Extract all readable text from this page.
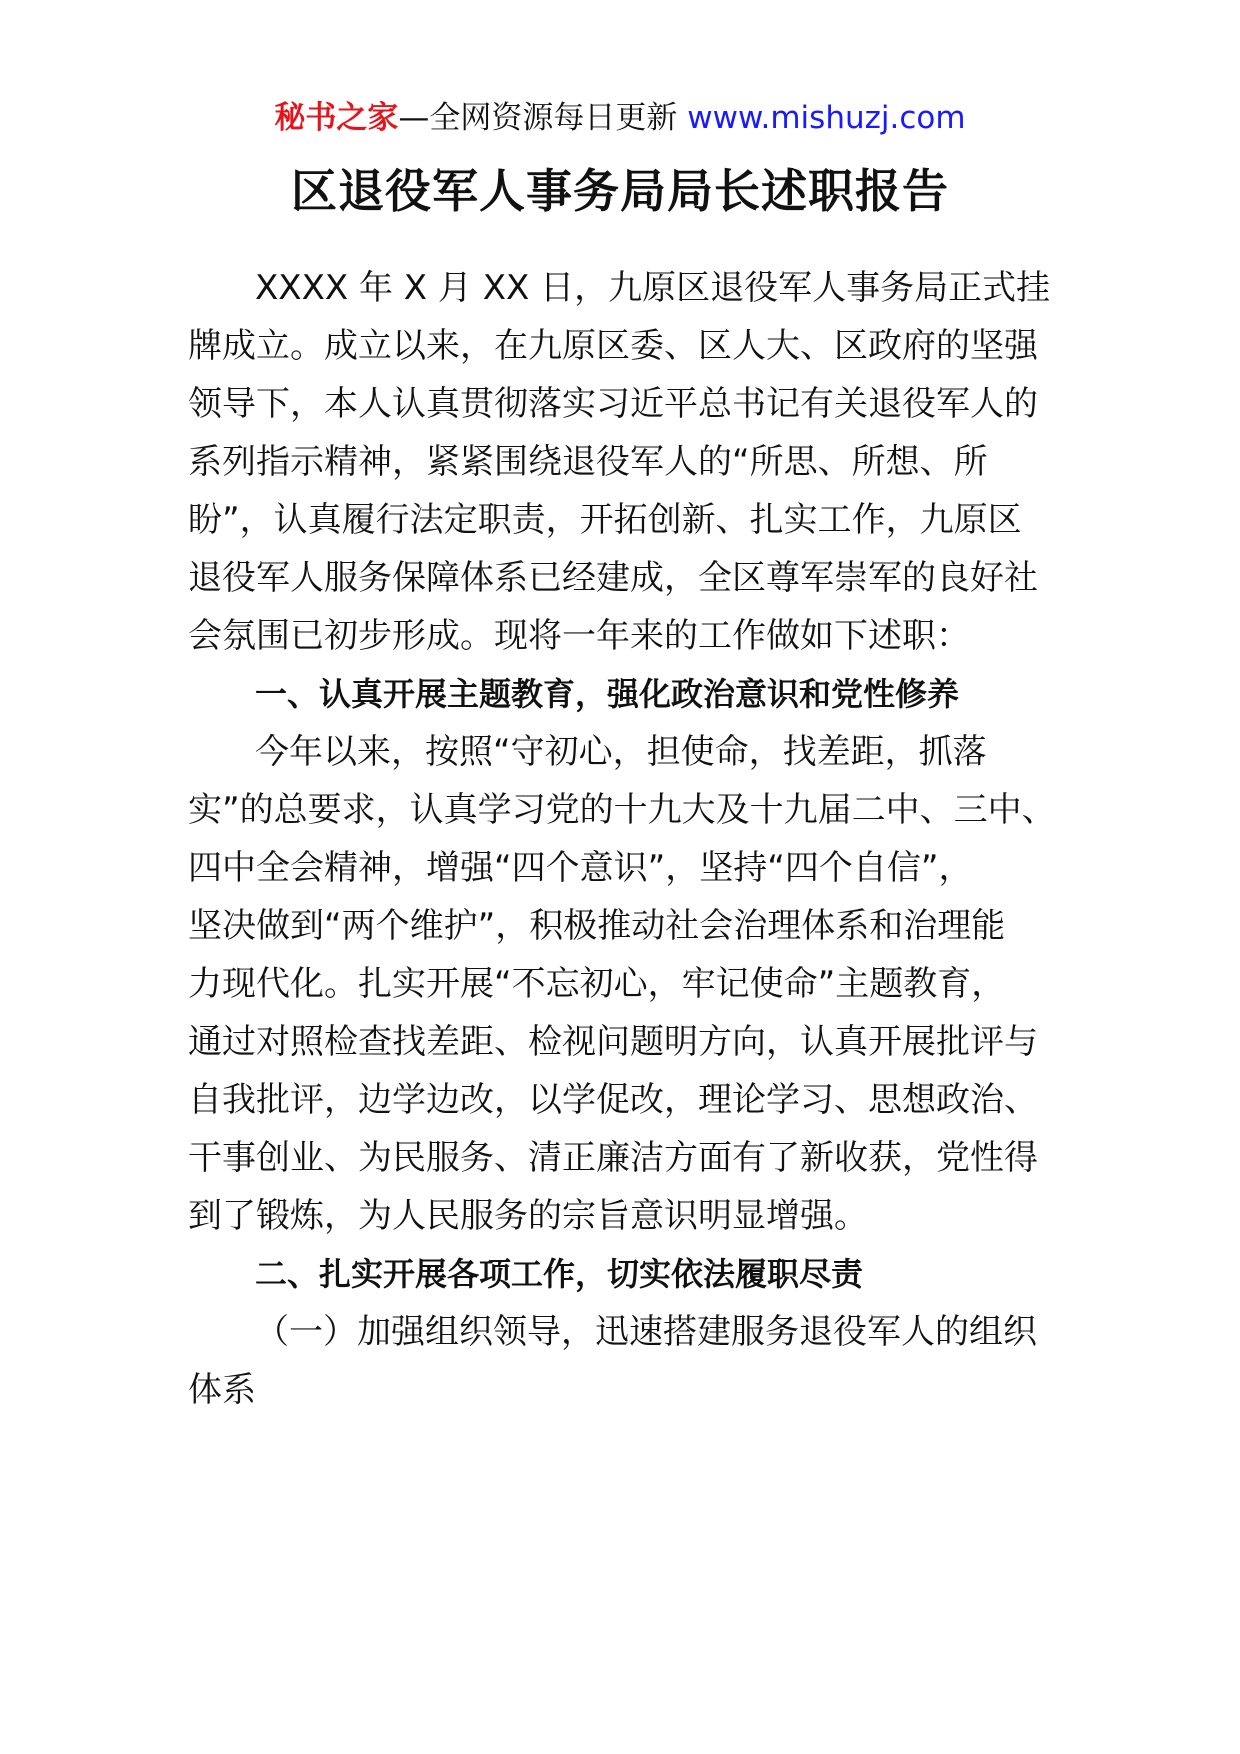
秘书之家—全网资源每日更新 www.mishuzj.com
区退役军人事务局局长述职报告
XXXX 年 X 月 XX 日，九原区退役军人事务局正式挂
牌成立。成立以来，在九原区委、区人大、区政府的坚强
领导下，本人认真贯彻落实习近平总书记有关退役军人的
系列指示精神，紧紧围绕退役军人的“所思、所想、所
盼”，认真履行法定职责，开拓创新、扎实工作，九原区
退役军人服务保障体系已经建成，全区尊军崇军的良好社
会氛围已初步形成。现将一年来的工作做如下述职：
一、认真开展主题教育，强化政治意识和党性修养
今年以来，按照“守初心，担使命，找差距，抓落
实”的总要求，认真学习党的十九大及十九届二中、三中、
四中全会精神，增强“四个意识”，坚持“四个自信”，
坚决做到“两个维护”，积极推动社会治理体系和治理能
力现代化。扎实开展“不忘初心，牢记使命”主题教育，
通过对照检查找差距、检视问题明方向，认真开展批评与
自我批评，边学边改，以学促改，理论学习、思想政治、
干事创业、为民服务、清正廉洁方面有了新收获，党性得
到了锻炼，为人民服务的宗旨意识明显增强。
二、扎实开展各项工作，切实依法履职尽责
（一）加强组织领导，迅速搭建服务退役军人的组织
体系
